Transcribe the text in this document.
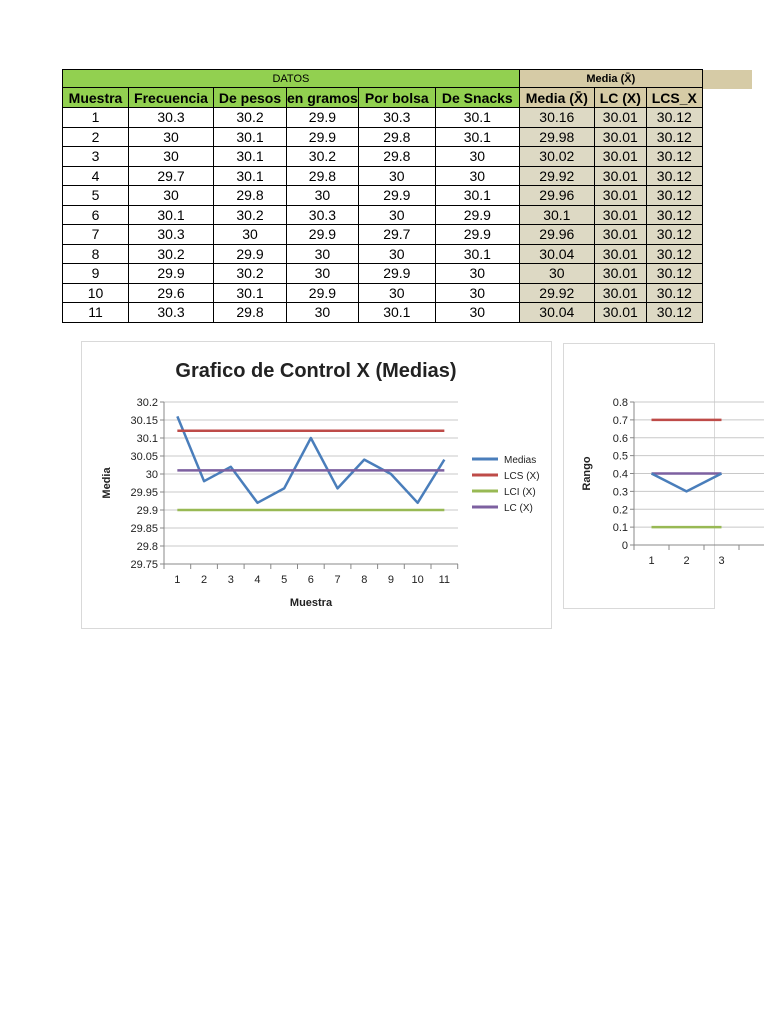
DATOS						Media (X̄)		
Muestra	Frecuencia	De pesos	en gramos	Por bolsa	De Snacks	Media (X̄)	LC (X)	LCS_X
1	30.3	30.2	29.9	30.3	30.1	30.16	30.01	30.12
2	30	30.1	29.9	29.8	30.1	29.98	30.01	30.12
3	30	30.1	30.2	29.8	30	30.02	30.01	30.12
4	29.7	30.1	29.8	30	30	29.92	30.01	30.12
5	30	29.8	30	29.9	30.1	29.96	30.01	30.12
6	30.1	30.2	30.3	30	29.9	30.1	30.01	30.12
7	30.3	30	29.9	29.7	29.9	29.96	30.01	30.12
8	30.2	29.9	30	30	30.1	30.04	30.01	30.12
9	29.9	30.2	30	29.9	30	30	30.01	30.12
10	29.6	30.1	29.9	30	30	29.92	30.01	30.12
11	30.3	29.8	30	30.1	30	30.04	30.01	30.12
Grafico de Control X (Medias)
30.2
30.15
30.1
30.05
30
29.95
29.9
29.85
29.8
29.75
1 2 3 4 5 6 7 8 9 10 11
Muestra
Media
Medias
LCS (X)
LCI (X)
LC (X)
0.8
0.7
0.6
0.5
0.4
0.3
0.2
0.1
0
1	2	3
Rango
